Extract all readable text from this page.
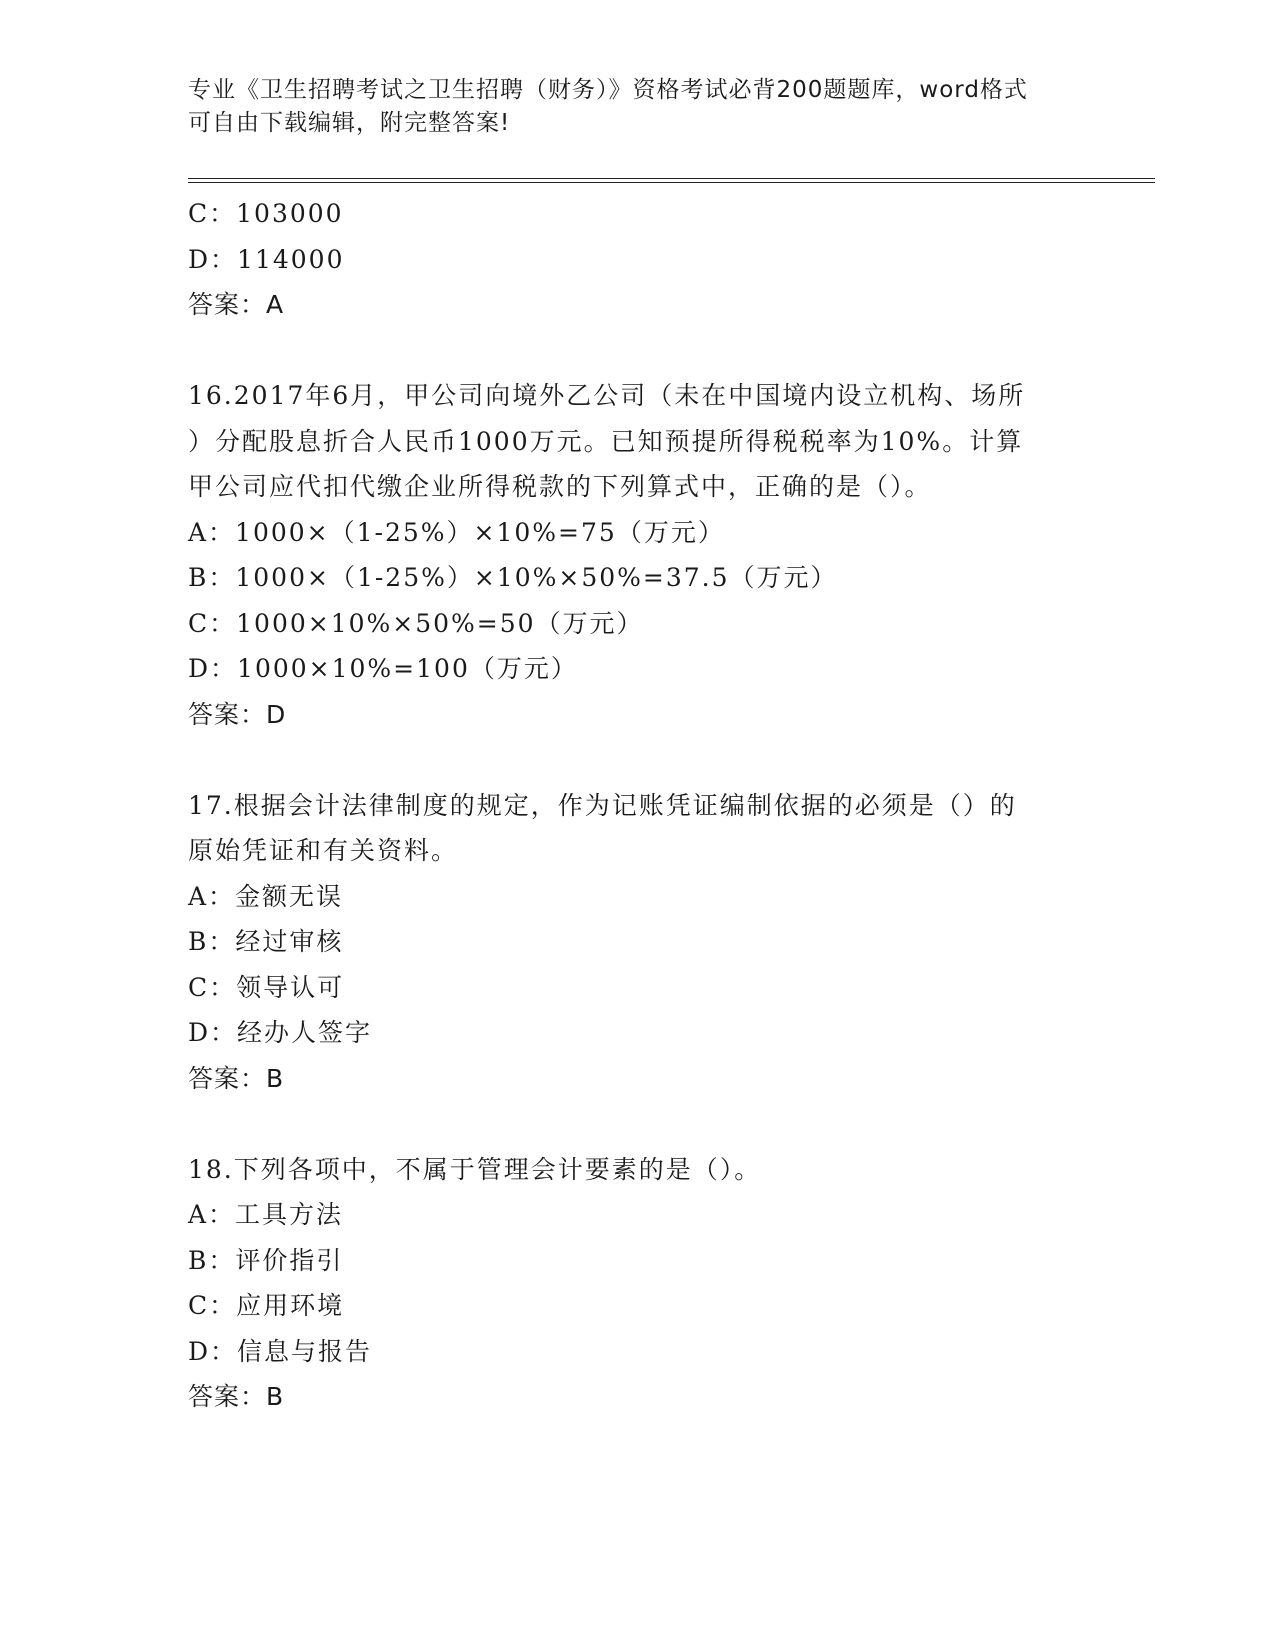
专业《卫生招聘考试之卫生招聘（财务）》资格考试必背200题题库，word格式
可自由下载编辑，附完整答案!
C：103000
D：114000
答案：A
16.2017年6月，甲公司向境外乙公司（未在中国境内设立机构、场所
）分配股息折合人民币1000万元。已知预提所得税税率为10%。计算
甲公司应代扣代缴企业所得税款的下列算式中，正确的是（）。
A：1000×（1-25%）×10%=75（万元）
B：1000×（1-25%）×10%×50%=37.5（万元）
C：1000×10%×50%=50（万元）
D：1000×10%=100（万元）
答案：D
17.根据会计法律制度的规定，作为记账凭证编制依据的必须是（）的
原始凭证和有关资料。
A：金额无误
B：经过审核
C：领导认可
D：经办人签字
答案：B
18.下列各项中，不属于管理会计要素的是（）。
A：工具方法
B：评价指引
C：应用环境
D：信息与报告
答案：B
